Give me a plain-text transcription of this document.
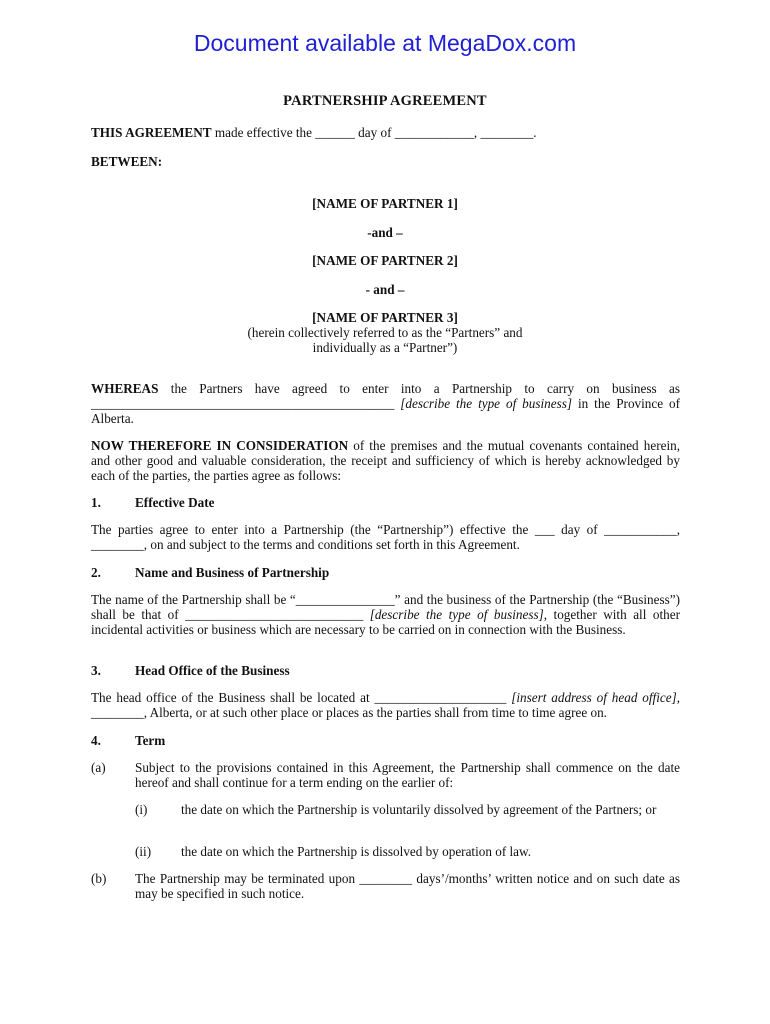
Document available at MegaDox.com
PARTNERSHIP AGREEMENT
THIS AGREEMENT made effective the ______ day of ____________, ________.
BETWEEN:
[NAME OF PARTNER 1]
-and –
[NAME OF PARTNER 2]
- and –
[NAME OF PARTNER 3]
(herein collectively referred to as the “Partners” and
individually as a “Partner”)
WHEREAS the Partners have agreed to enter into a Partnership to carry on business as ______________________________________________ [describe the type of business] in the Province of Alberta.
NOW THEREFORE IN CONSIDERATION of the premises and the mutual covenants contained herein, and other good and valuable consideration, the receipt and sufficiency of which is hereby acknowledged by each of the parties, the parties agree as follows:
1.	Effective Date
The parties agree to enter into a Partnership (the “Partnership”) effective the ___ day of ___________, ________, on and subject to the terms and conditions set forth in this Agreement.
2.	Name and Business of Partnership
The name of the Partnership shall be “_______________” and the business of the Partnership (the “Business”) shall be that of ___________________________ [describe the type of business], together with all other incidental activities or business which are necessary to be carried on in connection with the Business.
3.	Head Office of the Business
The head office of the Business shall be located at ____________________ [insert address of head office], ________, Alberta, or at such other place or places as the parties shall from time to time agree on.
4.	Term
(a) Subject to the provisions contained in this Agreement, the Partnership shall commence on the date hereof and shall continue for a term ending on the earlier of:
(i)	the date on which the Partnership is voluntarily dissolved by agreement of the Partners; or
(ii) the date on which the Partnership is dissolved by operation of law.
(b) The Partnership may be terminated upon ________ days’/months’ written notice and on such date as may be specified in such notice.
